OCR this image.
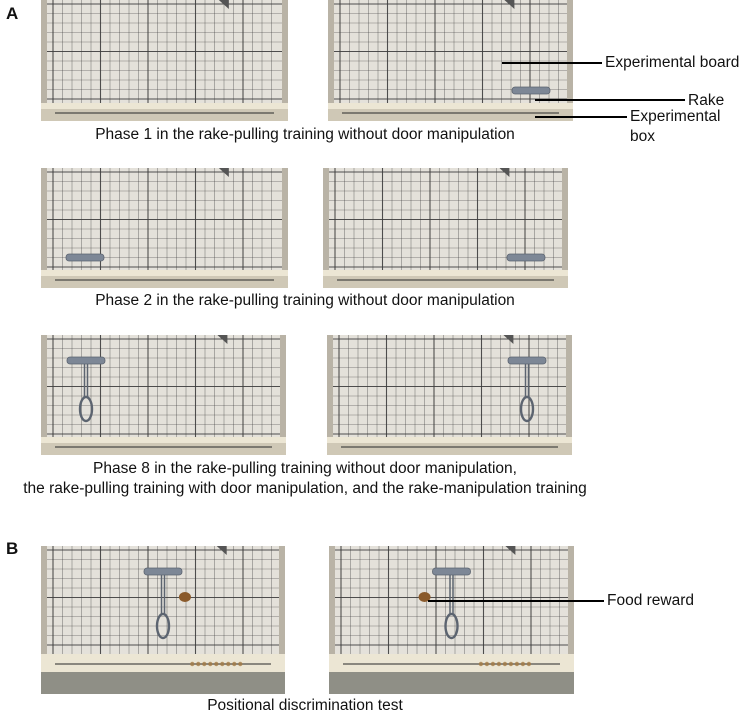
A
B
Phase 1 in the rake-pulling training without door manipulation
Phase 2 in the rake-pulling training without door manipulation
Phase 8 in the rake-pulling training without door manipulation,
the rake-pulling training with door manipulation, and the rake-manipulation training
Positional discrimination test
Experimental board
Rake
Experimental
box
Food reward
